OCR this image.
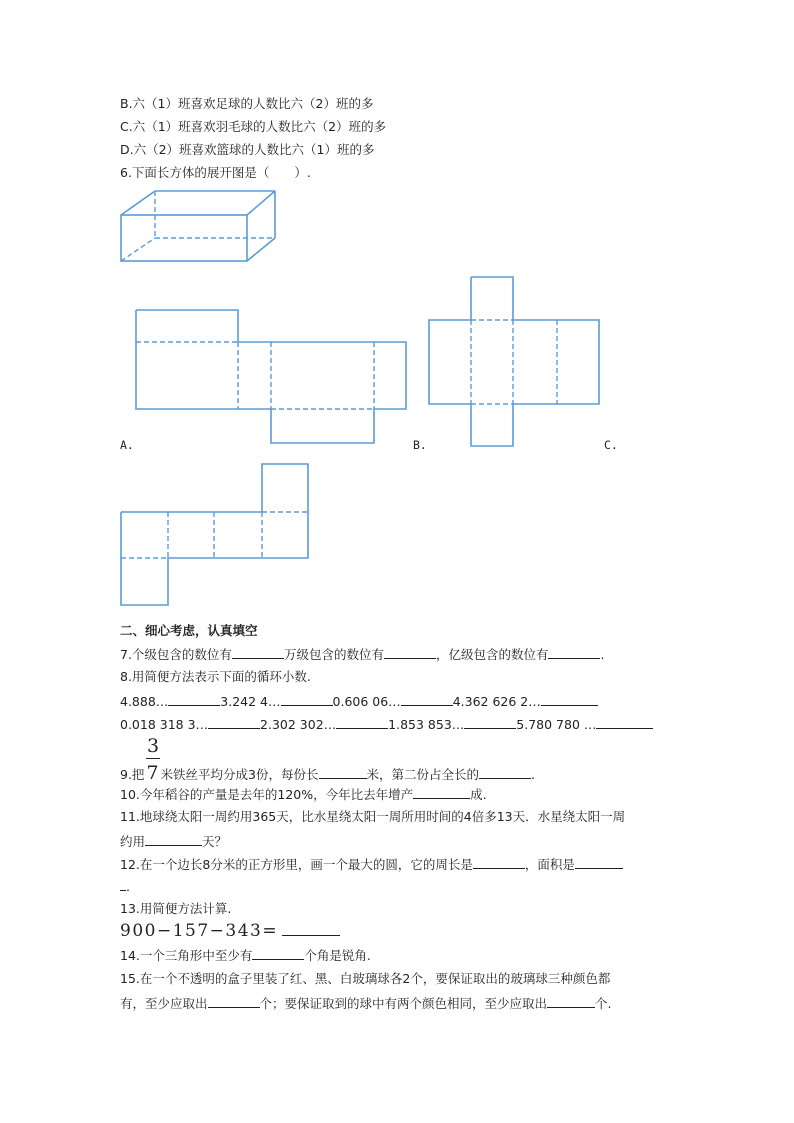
B.六（1）班喜欢足球的人数比六（2）班的多
C.六（1）班喜欢羽毛球的人数比六（2）班的多
D.六（2）班喜欢篮球的人数比六（1）班的多
6.下面长方体的展开图是（　　）.
A.	B.	C.
二、细心考虑，认真填空
7.个级包含的数位有	万级包含的数位有	，亿级包含的数位有	.
8.用简便方法表示下面的循环小数.
4.888…	3.242 4…	0.606 06…	4.362 626 2…
0.018 318 3…	2.302 302…	1.853 853…	5.780 780 …
3
9.把 7 米铁丝平均分成3份，每份长	米，第二份占全长的	.
10.今年稻谷的产量是去年的120%，今年比去年增产	成.
11.地球绕太阳一周约用365天，比水星绕太阳一周所用时间的4倍多13天．水星绕太阳一周
约用	天？
12.在一个边长8分米的正方形里，画一个最大的圆，它的周长是	，面积是
.
13.用简便方法计算.
900−157−343=
14.一个三角形中至少有	个角是锐角.
15.在一个不透明的盒子里装了红、黑、白玻璃球各2个，要保证取出的玻璃球三种颜色都
有，至少应取出	个；要保证取到的球中有两个颜色相同，至少应取出	个.
